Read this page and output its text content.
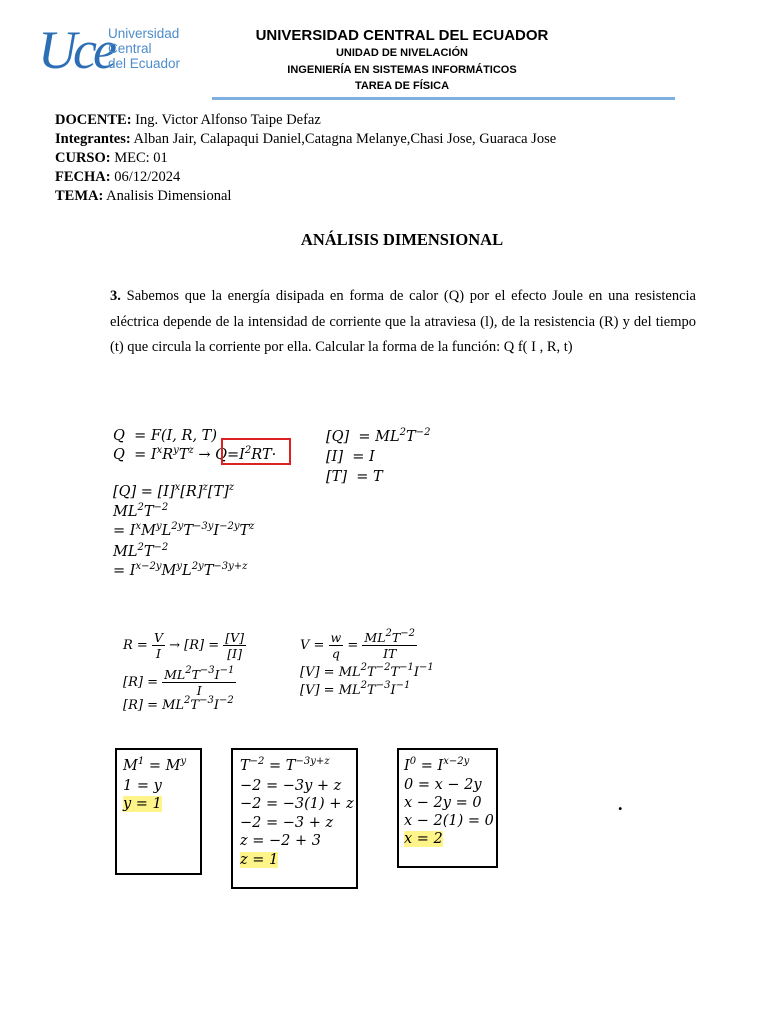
Uce
Universidad
Central
del Ecuador
UNIVERSIDAD CENTRAL DEL ECUADOR
UNIDAD DE NIVELACIÓN
INGENIERÍA EN SISTEMAS INFORMÁTICOS
TAREA DE FÍSICA
DOCENTE: Ing. Victor Alfonso Taipe Defaz
Integrantes: Alban Jair, Calapaqui Daniel,Catagna Melanye,Chasi Jose, Guaraca Jose
CURSO: MEC: 01
FECHA: 06/12/2024
TEMA: Analisis Dimensional
ANÁLISIS DIMENSIONAL
3. Sabemos que la energía disipada en forma de calor (Q) por el efecto Joule en una resistencia eléctrica depende de la intensidad de corriente que la atraviesa (l), de la resistencia (R) y del tiempo (t) que circula la corriente por ella. Calcular la forma de la función: Q f( I , R, t)
Q  = F(I, R, T)
$Q = I^xR^yT^z \to Q=I^2RT\cdot$
$[Q] = [I]^x[R]^z[T]^z$
$ML^2T^{-2}$
= $I^xM^yL^{2y}T^{-3y}I^{-2y}T^z$
$ML^2T^{-2}$
= $I^{x-2y}M^yL^{2y}T^{-3y+z}$
$[Q] = ML^2T^{-2}$
[I]  = I
[T]  = T
$R = \frac{V}{I} \to [R] = \frac{[V]}{[I]}$
$[R] = \frac{ML^2T^{-3}I^{-1}}{I}$
$[R] = ML^2T^{-3}I^{-2}$
$V = \frac{w}{q} = \frac{ML^2T^{-2}}{IT}$
$[V] = ML^2T^{-2}T^{-1}I^{-1}$
$[V] = ML^2T^{-3}I^{-1}$
$M^1 = M^y$
1 = y
y = 1
$T^{-2} = T^{-3y+z}$
−2 = −3y + z
−2 = −3(1) + z
−2 = −3 + z
z = −2 + 3
z = 1
$I^0 = I^{x-2y}$
0 = x − 2y
x − 2y = 0
x − 2(1) = 0
x = 2
.
